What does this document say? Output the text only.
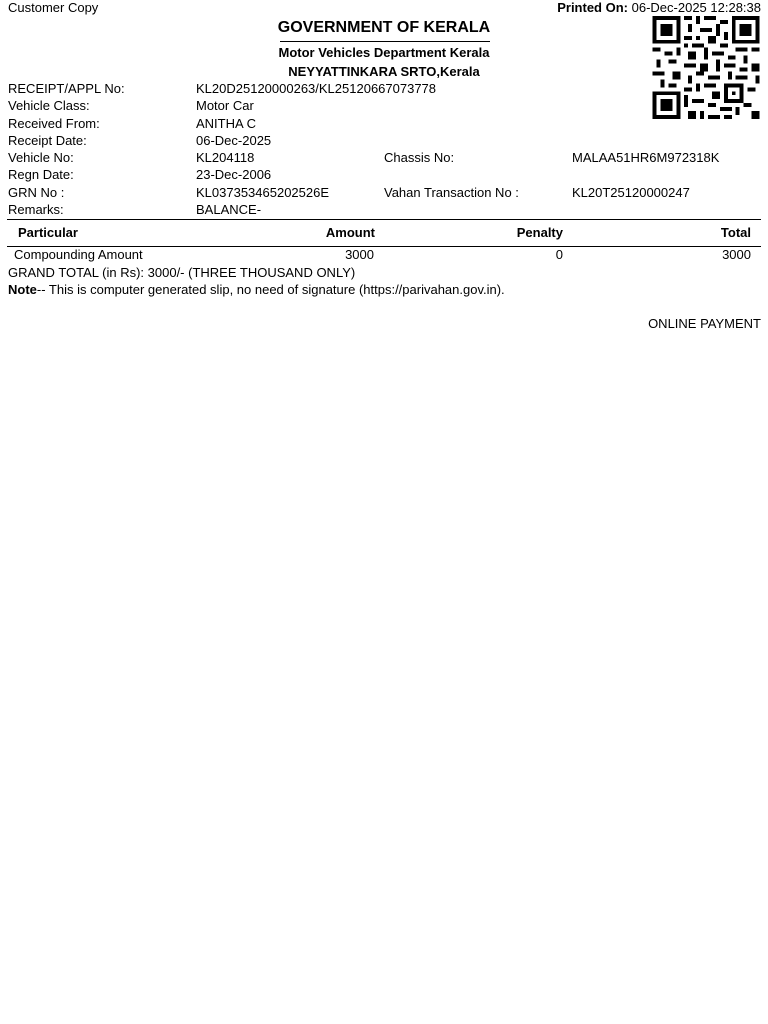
Customer Copy	Printed On: 06-Dec-2025 12:28:38
GOVERNMENT OF KERALA
Motor Vehicles Department Kerala
NEYYATTINKARA SRTO,Kerala
RECEIPT/APPL No:	KL20D25120000263/KL25120667073778
Vehicle Class:	Motor Car
Received From:	ANITHA C
Receipt Date:	06-Dec-2025
Vehicle No:	KL204118	Chassis No:	MALAA51HR6M972318K
Regn Date:	23-Dec-2006
GRN No :	KL037353465202526E	Vahan Transaction No :	KL20T25120000247
Remarks:	BALANCE-
Particular	Amount	Penalty	Total
Compounding Amount	3000	0	3000
GRAND TOTAL (in Rs): 3000/- (THREE THOUSAND ONLY)
Note-- This is computer generated slip, no need of signature (https://parivahan.gov.in).
ONLINE PAYMENT
